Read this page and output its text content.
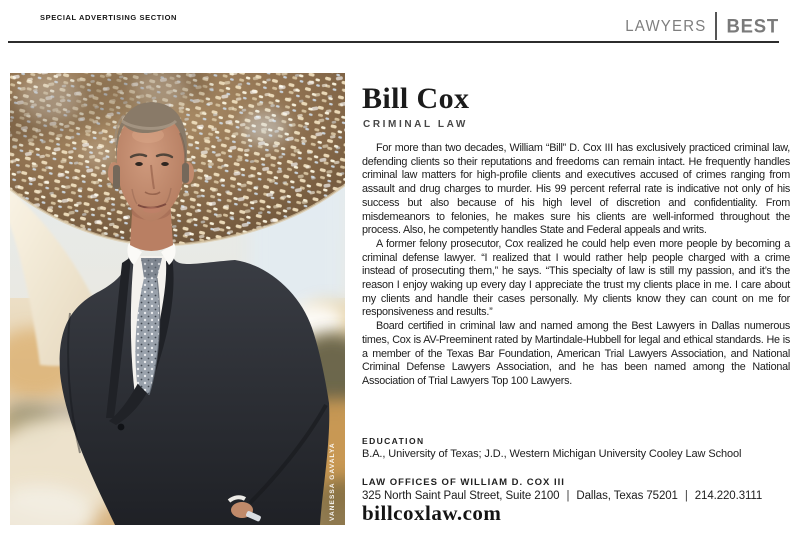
SPECIAL ADVERTISING SECTION	LAWYERS	BEST
VANESSA GAVALYA
Bill Cox
CRIMINAL LAW

For more than two decades, William “Bill” D. Cox III has exclusively practiced criminal law, defending clients so their reputations and freedoms can remain intact. He frequently handles criminal law matters for high-profile clients and executives accused of crimes ranging from assault and drug charges to murder. His 99 percent referral rate is indicative not only of his success but also because of his high level of discretion and confidentiality. From misdemeanors to felonies, he makes sure his clients are well-informed throughout the process. Also, he competently handles State and Federal appeals and writs.

A former felony prosecutor, Cox realized he could help even more people by becoming a criminal defense lawyer. “I realized that I would rather help people charged with a crime instead of prosecuting them,” he says. “This specialty of law is still my passion, and it’s the reason I enjoy waking up every day I appreciate the trust my clients place in me. I care about my clients and handle their cases personally. My clients know they can count on me for responsiveness and results.”

Board certified in criminal law and named among the Best Lawyers in Dallas numerous times, Cox is AV-Preeminent rated by Martindale-Hubbell for legal and ethical standards. He is a member of the Texas Bar Foundation, American Trial Lawyers Association, and National Criminal Defense Lawyers Association, and he has been named among the National Association of Trial Lawyers Top 100 Lawyers.

EDUCATION
B.A., University of Texas; J.D., Western Michigan University Cooley Law School
LAW OFFICES OF WILLIAM D. COX III
325 North Saint Paul Street, Suite 2100 | Dallas, Texas 75201 | 214.220.3111
billcoxlaw.com
